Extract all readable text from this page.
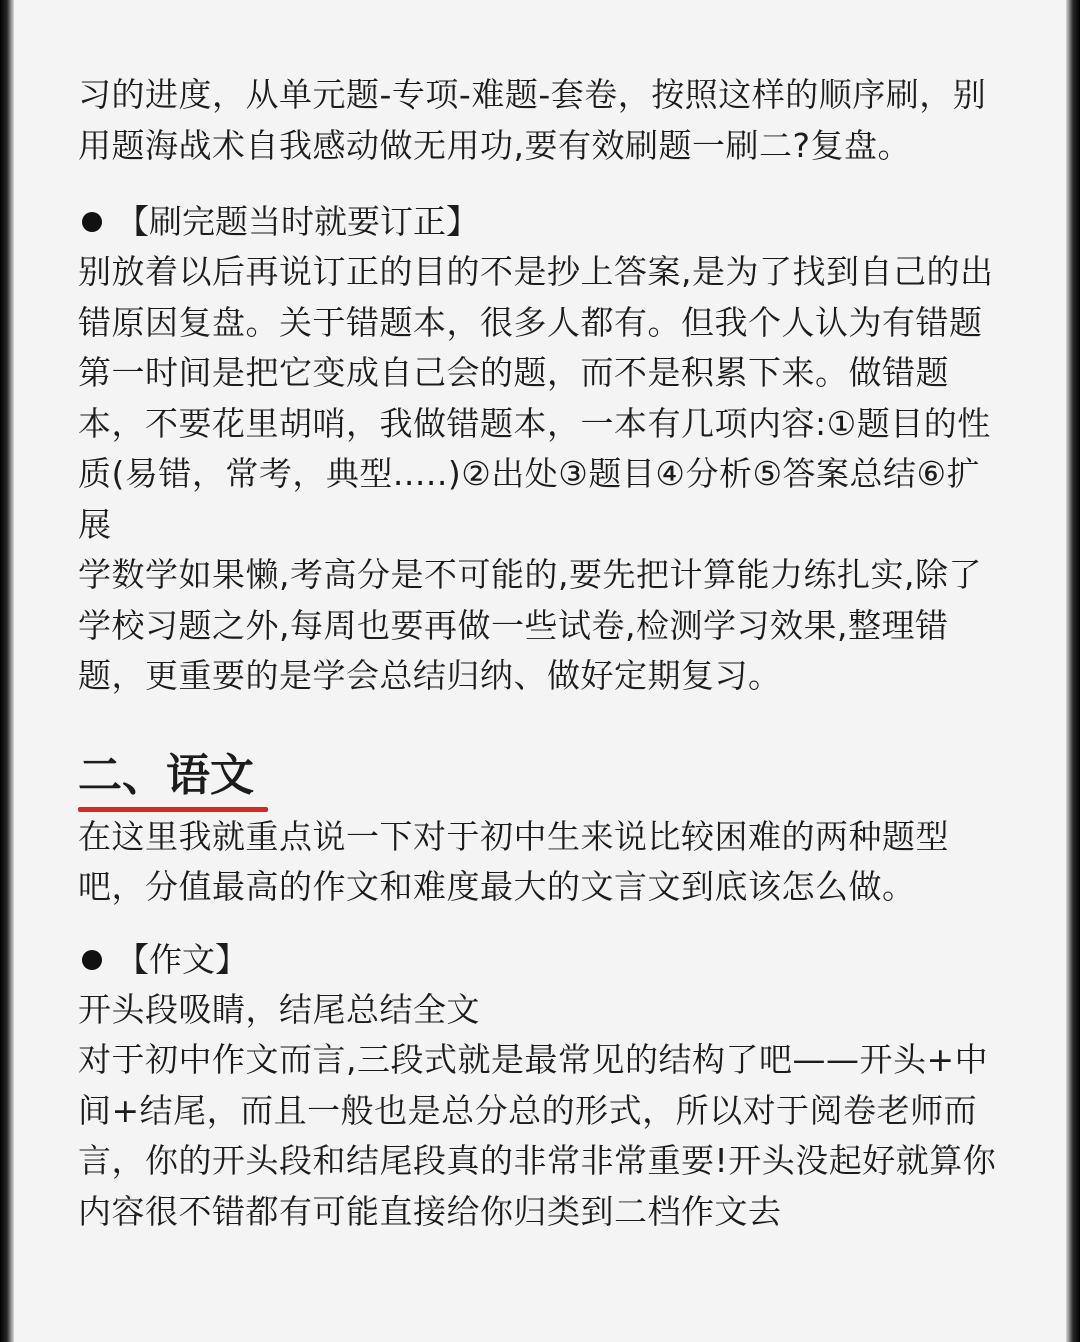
习的进度，从单元题-专项-难题-套卷，按照这样的顺序刷，别用题海战术自我感动做无用功,要有效刷题一刷二?复盘。

【刷完题当时就要订正】

别放着以后再说订正的目的不是抄上答案,是为了找到自己的出错原因复盘。关于错题本，很多人都有。但我个人认为有错题第一时间是把它变成自己会的题，而不是积累下来。做错题本，不要花里胡哨，我做错题本，一本有几项内容:①题目的性质(易错，常考，典型.....)②出处③题目④分析⑤答案总结⑥扩展

学数学如果懒,考高分是不可能的,要先把计算能力练扎实,除了学校习题之外,每周也要再做一些试卷,检测学习效果,整理错题，更重要的是学会总结归纳、做好定期复习。

二、语文

在这里我就重点说一下对于初中生来说比较困难的两种题型吧，分值最高的作文和难度最大的文言文到底该怎么做。

【作文】

开头段吸睛，结尾总结全文

对于初中作文而言,三段式就是最常见的结构了吧——开头+中间+结尾，而且一般也是总分总的形式，所以对于阅卷老师而言，你的开头段和结尾段真的非常非常重要!开头没起好就算你内容很不错都有可能直接给你归类到二档作文去
